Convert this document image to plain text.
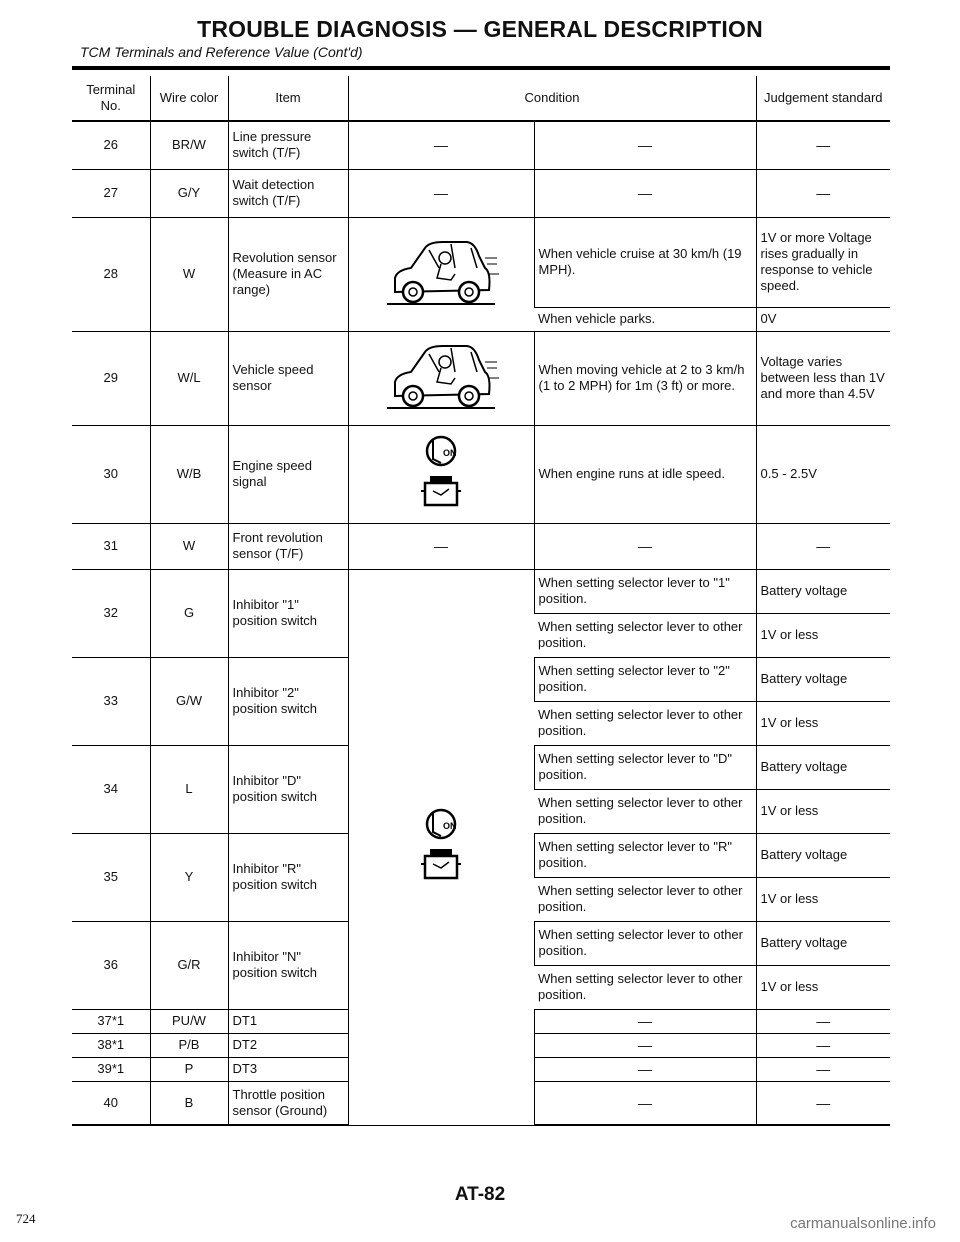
TROUBLE DIAGNOSIS — GENERAL DESCRIPTION
TCM Terminals and Reference Value (Cont'd)
Terminal No.	Wire color	Item	Condition		Judgement standard
26	BR/W	Line pressure switch (T/F)	—	—	—
27	G/Y	Wait detection switch (T/F)	—	—	—
28	W	Revolution sensor (Measure in AC range)		When vehicle cruise at 30 km/h (19 MPH).	1V or more Voltage rises gradually in response to vehicle speed.
				When vehicle parks.	0V
29	W/L	Vehicle speed sensor		When moving vehicle at 2 to 3 km/h (1 to 2 MPH) for 1m (3 ft) or more.	Voltage varies between less than 1V and more than 4.5V
30	W/B	Engine speed signal	ON	When engine runs at idle speed.	0.5 - 2.5V
31	W	Front revolution sensor (T/F)	—	—	—
32	G	Inhibitor "1" position switch	ON	When setting selector lever to "1" position.	Battery voltage
				When setting selector lever to other position.	1V or less
33	G/W	Inhibitor "2" position switch		When setting selector lever to "2" position.	Battery voltage
				When setting selector lever to other position.	1V or less
34	L	Inhibitor "D" position switch		When setting selector lever to "D" position.	Battery voltage
				When setting selector lever to other position.	1V or less
35	Y	Inhibitor "R" position switch		When setting selector lever to "R" position.	Battery voltage
				When setting selector lever to other position.	1V or less
36	G/R	Inhibitor "N" position switch		When setting selector lever to other position.	Battery voltage
				When setting selector lever to other position.	1V or less
37*1	PU/W	DT1		—	—
38*1	P/B	DT2		—	—
39*1	P	DT3		—	—
40	B	Throttle position sensor (Ground)		—	—
AT-82
724	carmanualsonline.info
